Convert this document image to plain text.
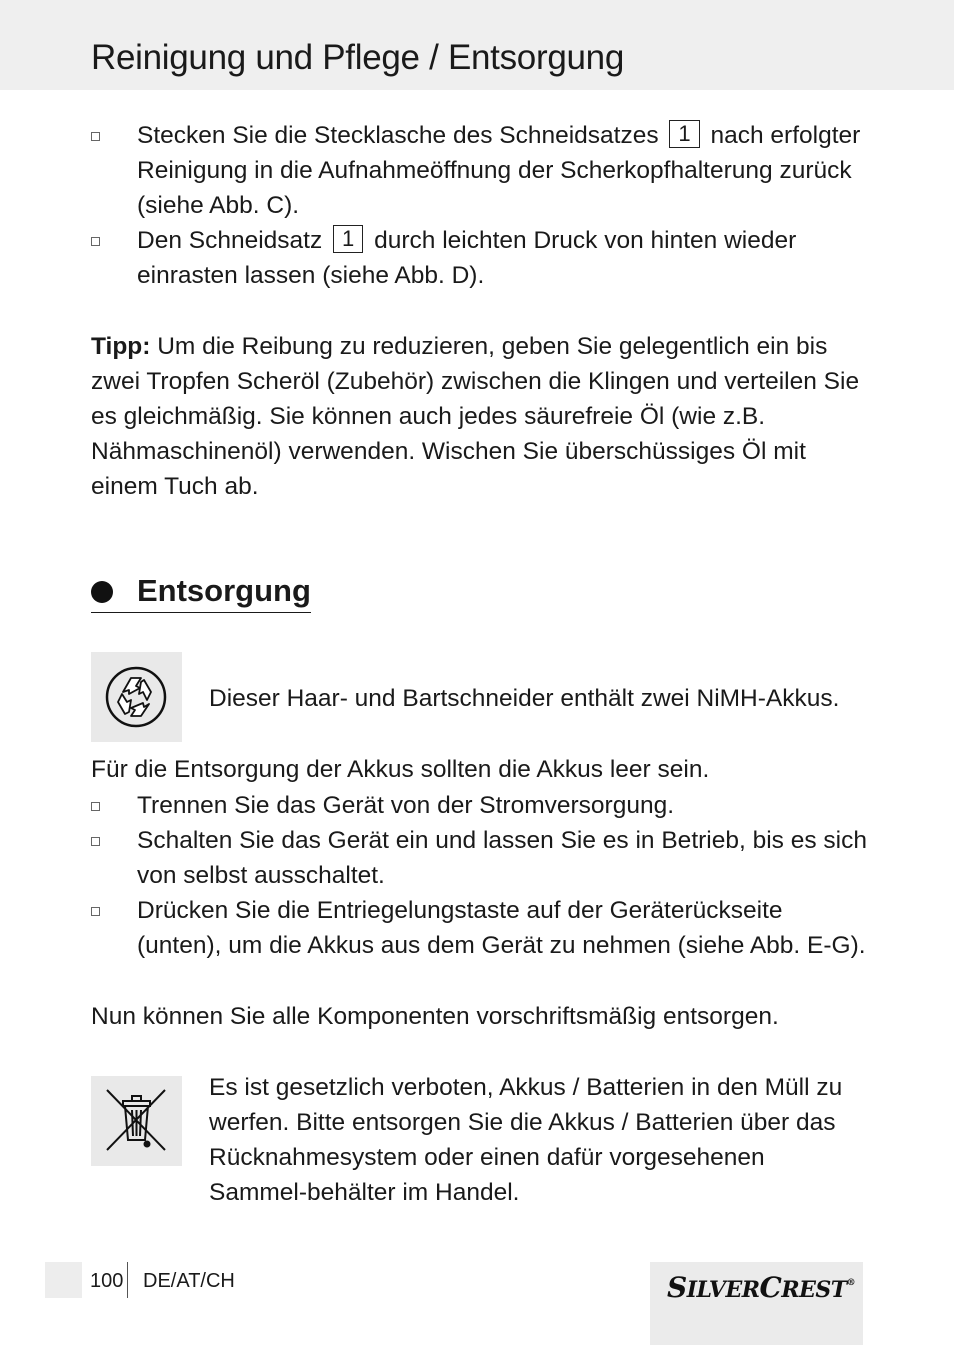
Reinigung und Pflege / Entsorgung
Stecken Sie die Stecklasche des Schneidsatzes 1 nach erfolgter Reinigung in die Aufnahmeöffnung der Scherkopfhalterung zurück (siehe Abb. C).
Den Schneidsatz 1 durch leichten Druck von hinten wieder einrasten lassen (siehe Abb. D).

Tipp: Um die Reibung zu reduzieren, geben Sie gelegentlich ein bis zwei Tropfen Scheröl (Zubehör) zwischen die Klingen und verteilen Sie es gleichmäßig. Sie können auch jedes säurefreie Öl (wie z.B. Nähmaschinenöl) verwenden. Wischen Sie überschüssiges Öl mit einem Tuch ab.

Entsorgung

Dieser Haar- und Bartschneider enthält zwei NiMH-Akkus.

Für die Entsorgung der Akkus sollten die Akkus leer sein.

Trennen Sie das Gerät von der Stromversorgung.
Schalten Sie das Gerät ein und lassen Sie es in Betrieb, bis es sich von selbst ausschaltet.
Drücken Sie die Entriegelungstaste auf der Geräterückseite (unten), um die Akkus aus dem Gerät zu nehmen (siehe Abb. E-G).

Nun können Sie alle Komponenten vorschriftsmäßig entsorgen.

Es ist gesetzlich verboten, Akkus / Batterien in den Müll zu werfen. Bitte entsorgen Sie die Akkus / Batterien über das Rücknahmesystem oder einen dafür vorgesehenen Sammel-behälter im Handel.

100 DE/AT/CH	SILVERCREST®
